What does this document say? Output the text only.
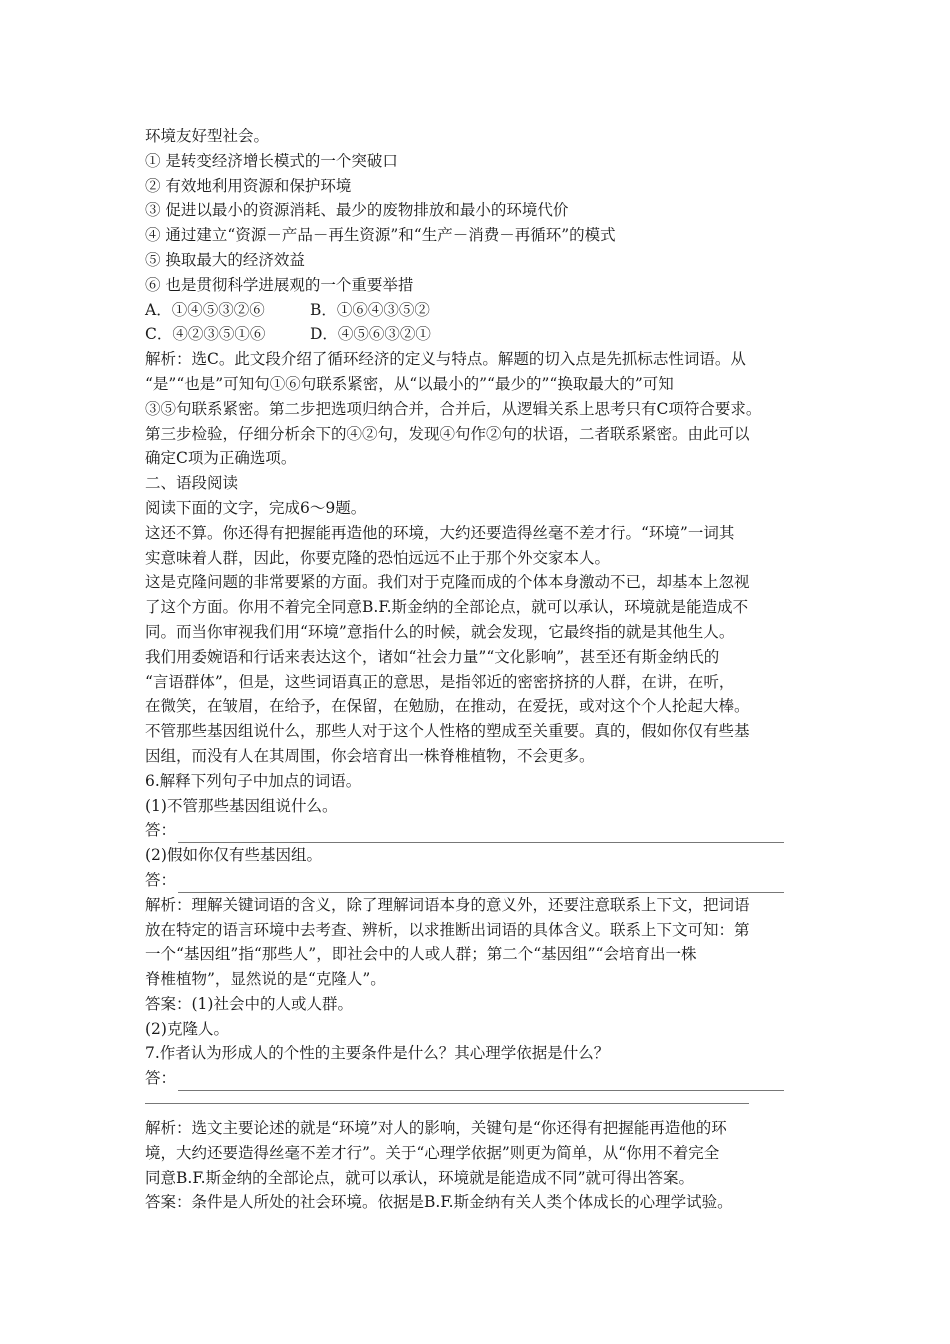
环境友好型社会。
① 是转变经济增长模式的一个突破口
② 有效地利用资源和保护环境
③ 促进以最小的资源消耗、最少的废物排放和最小的环境代价
④ 通过建立“资源－产品－再生资源”和“生产－消费－再循环”的模式
⑤ 换取最大的经济效益
⑥ 也是贯彻科学进展观的一个重要举措
A．①④⑤③②⑥	B．①⑥④③⑤②
C．④②③⑤①⑥	D．④⑤⑥③②①
解析：选C。此文段介绍了循环经济的定义与特点。解题的切入点是先抓标志性词语。从
“是”“也是”可知句①⑥句联系紧密，从“以最小的”“最少的”“换取最大的”可知
③⑤句联系紧密。第二步把选项归纳合并，合并后，从逻辑关系上思考只有C项符合要求。
第三步检验，仔细分析余下的④②句，发现④句作②句的状语，二者联系紧密。由此可以
确定C项为正确选项。
二、语段阅读
阅读下面的文字，完成6～9题。
这还不算。你还得有把握能再造他的环境，大约还要造得丝毫不差才行。“环境”一词其
实意味着人群，因此，你要克隆的恐怕远远不止于那个外交家本人。
这是克隆问题的非常要紧的方面。我们对于克隆而成的个体本身激动不已，却基本上忽视
了这个方面。你用不着完全同意B.F.斯金纳的全部论点，就可以承认，环境就是能造成不
同。而当你审视我们用“环境”意指什么的时候，就会发现，它最终指的就是其他生人。
我们用委婉语和行话来表达这个，诸如“社会力量”“文化影响”，甚至还有斯金纳氏的
“言语群体”，但是，这些词语真正的意思，是指邻近的密密挤挤的人群，在讲，在听，
在微笑，在皱眉，在给予，在保留，在勉励，在推动，在爱抚，或对这个个人抡起大棒。
不管那些基因组说什么，那些人对于这个人性格的塑成至关重要。真的，假如你仅有些基
因组，而没有人在其周围，你会培育出一株脊椎植物，不会更多。
6.解释下列句子中加点的词语。
(1)不管那些基因组说什么。
答：
(2)假如你仅有些基因组。
答：
解析：理解关键词语的含义，除了理解词语本身的意义外，还要注意联系上下文，把词语
放在特定的语言环境中去考查、辨析，以求推断出词语的具体含义。联系上下文可知：第
一个“基因组”指“那些人”，即社会中的人或人群；第二个“基因组”“会培育出一株
脊椎植物”，显然说的是“克隆人”。
答案：(1)社会中的人或人群。
(2)克隆人。
7.作者认为形成人的个性的主要条件是什么？其心理学依据是什么？
答：
解析：选文主要论述的就是“环境”对人的影响，关键句是“你还得有把握能再造他的环
境，大约还要造得丝毫不差才行”。关于“心理学依据”则更为简单，从“你用不着完全
同意B.F.斯金纳的全部论点，就可以承认，环境就是能造成不同”就可得出答案。
答案：条件是人所处的社会环境。依据是B.F.斯金纳有关人类个体成长的心理学试验。
